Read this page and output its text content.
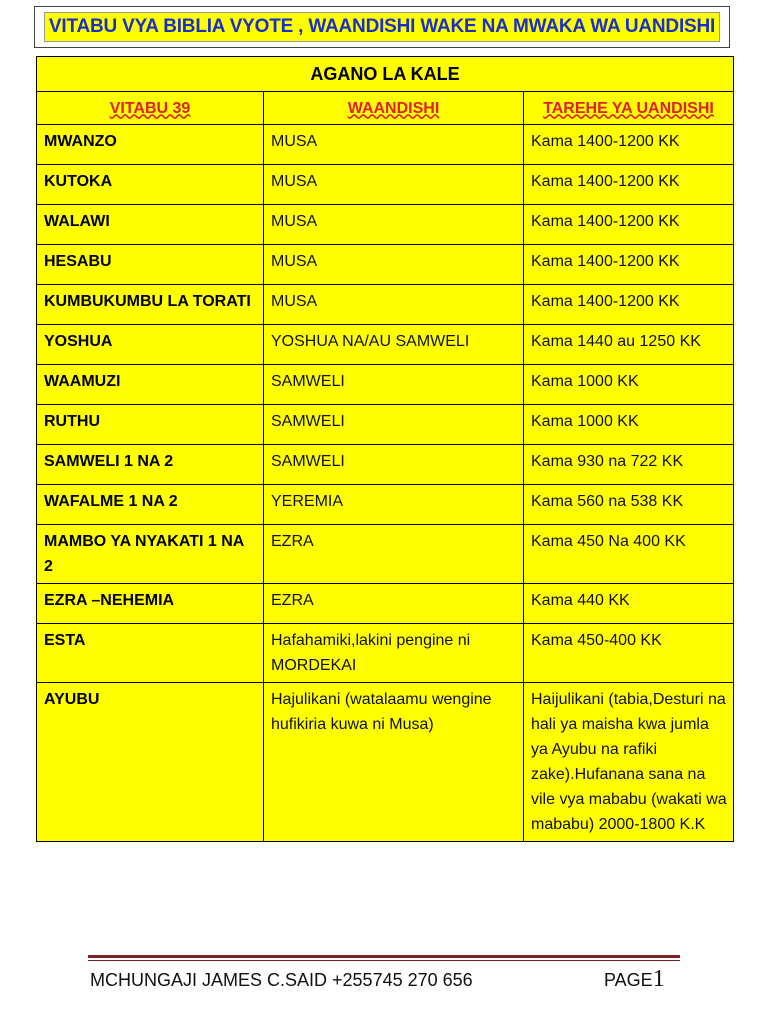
VITABU VYA BIBLIA VYOTE , WAANDISHI WAKE NA MWAKA WA UANDISHI
AGANO LA KALE		
VITABU 39	WAANDISHI	TAREHE YA UANDISHI
MWANZO	MUSA	Kama 1400-1200 KK
KUTOKA	MUSA	Kama 1400-1200 KK
WALAWI	MUSA	Kama 1400-1200 KK
HESABU	MUSA	Kama 1400-1200 KK
KUMBUKUMBU LA TORATI	MUSA	Kama 1400-1200 KK
YOSHUA	YOSHUA NA/AU SAMWELI	Kama 1440 au 1250 KK
WAAMUZI	SAMWELI	Kama 1000 KK
RUTHU	SAMWELI	Kama 1000 KK
SAMWELI 1 NA 2	SAMWELI	Kama 930 na 722 KK
WAFALME 1 NA 2	YEREMIA	Kama 560 na 538 KK
MAMBO YA NYAKATI 1 NA 2	EZRA	Kama 450 Na 400 KK
EZRA –NEHEMIA	EZRA	Kama 440 KK
ESTA	Hafahamiki,lakini pengine ni MORDEKAI	Kama 450-400 KK
AYUBU	Hajulikani (watalaamu wengine hufikiria kuwa ni Musa)	Haijulikani (tabia,Desturi na hali ya maisha kwa jumla ya Ayubu na rafiki zake).Hufanana sana na vile vya mababu (wakati wa mababu) 2000-1800 K.K
MCHUNGAJI JAMES C.SAID +255745 270 656	PAGE1
